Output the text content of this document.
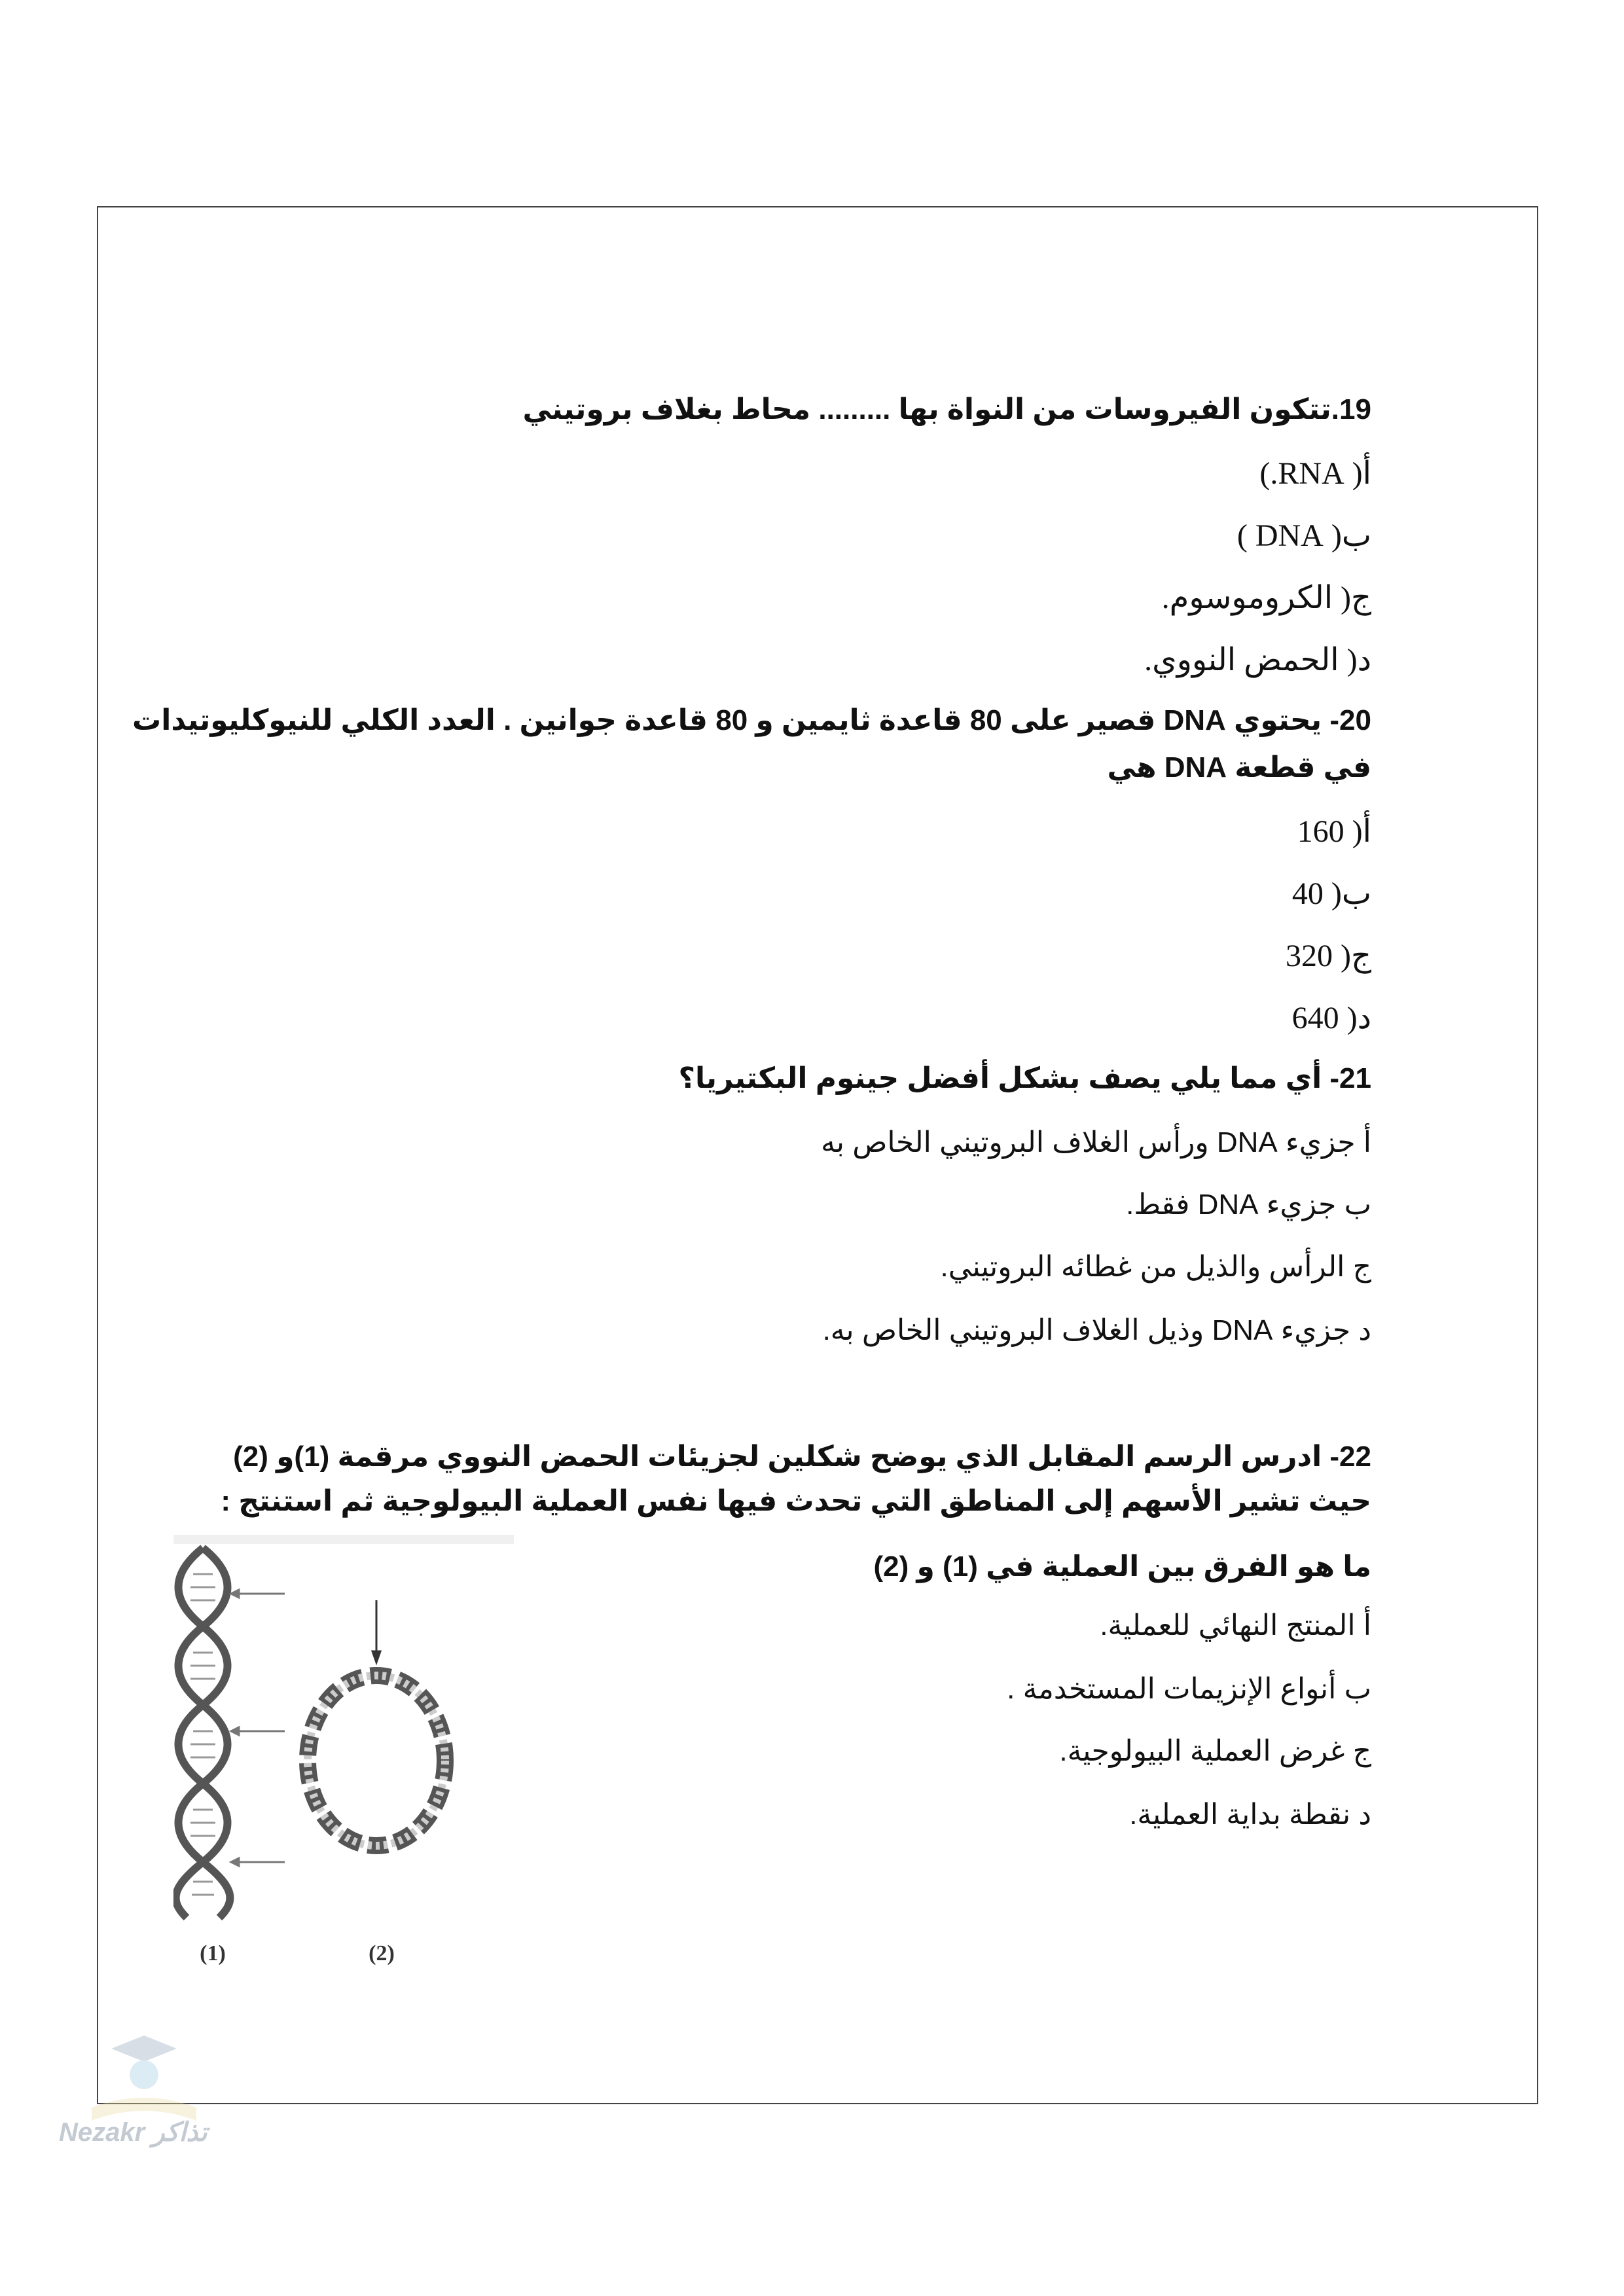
19.تتكون الفيروسات من النواة بها ......... محاط بغلاف بروتيني
أ( RNA.)
ب( DNA )
ج( الكروموسوم.
د( الحمض النووي.
20- يحتوي DNA قصير على 80 قاعدة ثايمين و 80 قاعدة جوانين . العدد الكلي للنيوكليوتيدات
في قطعة DNA هي
أ( 160
ب( 40
ج( 320
د( 640
21- أي مما يلي يصف بشكل أفضل جينوم البكتيريا؟
أ جزيء DNA ورأس الغلاف البروتيني الخاص به
ب جزيء DNA فقط.
ج الرأس والذيل من غطائه البروتيني.
د جزيء DNA وذيل الغلاف البروتيني الخاص به.
22- ادرس الرسم المقابل الذي يوضح شكلين لجزيئات الحمض النووي مرقمة (1)و (2)
حيث تشير الأسهم إلى المناطق التي تحدث فيها نفس العملية البيولوجية ثم استنتج :
ما هو الفرق بين العملية في (1) و (2)
أ المنتج النهائي للعملية.
ب أنواع الإنزيمات المستخدمة .
ج غرض العملية البيولوجية.
د نقطة بداية العملية.
(1)	(2)
Nezakr تذاكر
